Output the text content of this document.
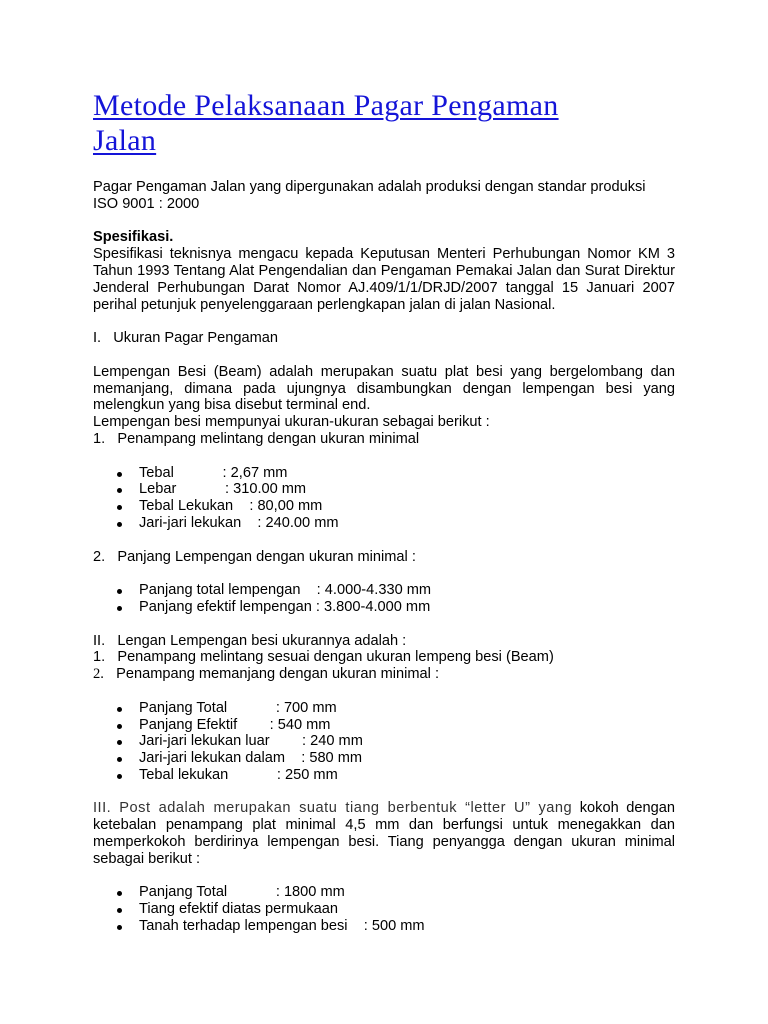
Metode Pelaksanaan Pagar Pengaman
Jalan

Pagar Pengaman Jalan yang dipergunakan adalah produksi dengan standar produksi
ISO 9001 : 2000

Spesifikasi.

Spesifikasi teknisnya mengacu kepada Keputusan Menteri Perhubungan Nomor KM 3 Tahun 1993 Tentang Alat Pengendalian dan Pengaman Pemakai Jalan dan Surat Direktur Jenderal Perhubungan Darat Nomor AJ.409/1/1/DRJD/2007 tanggal 15 Januari 2007 perihal petunjuk penyelenggaraan perlengkapan jalan di jalan Nasional.

I.   Ukuran Pagar Pengaman

Lempengan Besi (Beam) adalah merupakan suatu plat besi yang bergelombang dan memanjang, dimana pada ujungnya disambungkan dengan lempengan besi yang melengkun yang bisa disebut terminal end.

Lempengan besi mempunyai ukuran-ukuran sebagai berikut :

1.   Penampang melintang dengan ukuran minimal

Tebal            : 2,67 mm
Lebar            : 310.00 mm
Tebal Lekukan    : 80,00 mm
Jari-jari lekukan    : 240.00 mm

2.   Panjang Lempengan dengan ukuran minimal :

Panjang total lempengan    : 4.000-4.330 mm
Panjang efektif lempengan : 3.800-4.000 mm

II.   Lengan Lempengan besi ukurannya adalah :

1.   Penampang melintang sesuai dengan ukuran lempeng besi (Beam)

2.   Penampang memanjang dengan ukuran minimal :

Panjang Total            : 700 mm
Panjang Efektif        : 540 mm
Jari-jari lekukan luar        : 240 mm
Jari-jari lekukan dalam    : 580 mm
Tebal lekukan            : 250 mm

III. Post adalah merupakan suatu tiang berbentuk “letter U” yang kokoh dengan ketebalan penampang plat minimal 4,5 mm dan berfungsi untuk menegakkan dan memperkokoh berdirinya lempengan besi. Tiang penyangga dengan ukuran minimal sebagai berikut :

Panjang Total            : 1800 mm
Tiang efektif diatas permukaan
Tanah terhadap lempengan besi    : 500 mm
